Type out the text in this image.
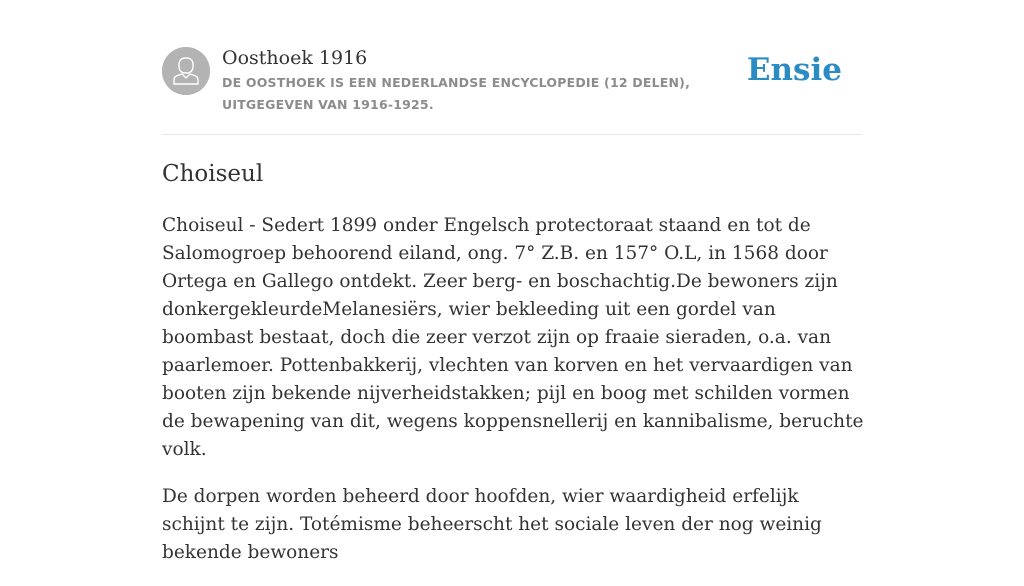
Oosthoek 1916
DE OOSTHOEK IS EEN NEDERLANDSE ENCYCLOPEDIE (12 DELEN), UITGEGEVEN VAN 1916-1925.
Ensie
Choiseul

Choiseul - Sedert 1899 onder Engelsch protectoraat staand en tot de Salomogroep behoorend eiland, ong. 7° Z.B. en 157° O.L, in 1568 door Ortega en Gallego ontdekt. Zeer berg- en boschachtig.De bewoners zijn donkergekleurdeMelanesiërs, wier bekleeding uit een gordel van boombast bestaat, doch die zeer verzot zijn op fraaie sieraden, o.a. van paarlemoer. Pottenbakkerij, vlechten van korven en het vervaardigen van booten zijn bekende nijverheidstakken; pijl en boog met schilden vormen de bewapening van dit, wegens koppensnellerij en kannibalisme, beruchte volk.

De dorpen worden beheerd door hoofden, wier waardigheid erfelijk schijnt te zijn. Totémisme beheerscht het sociale leven der nog weinig bekende bewoners
